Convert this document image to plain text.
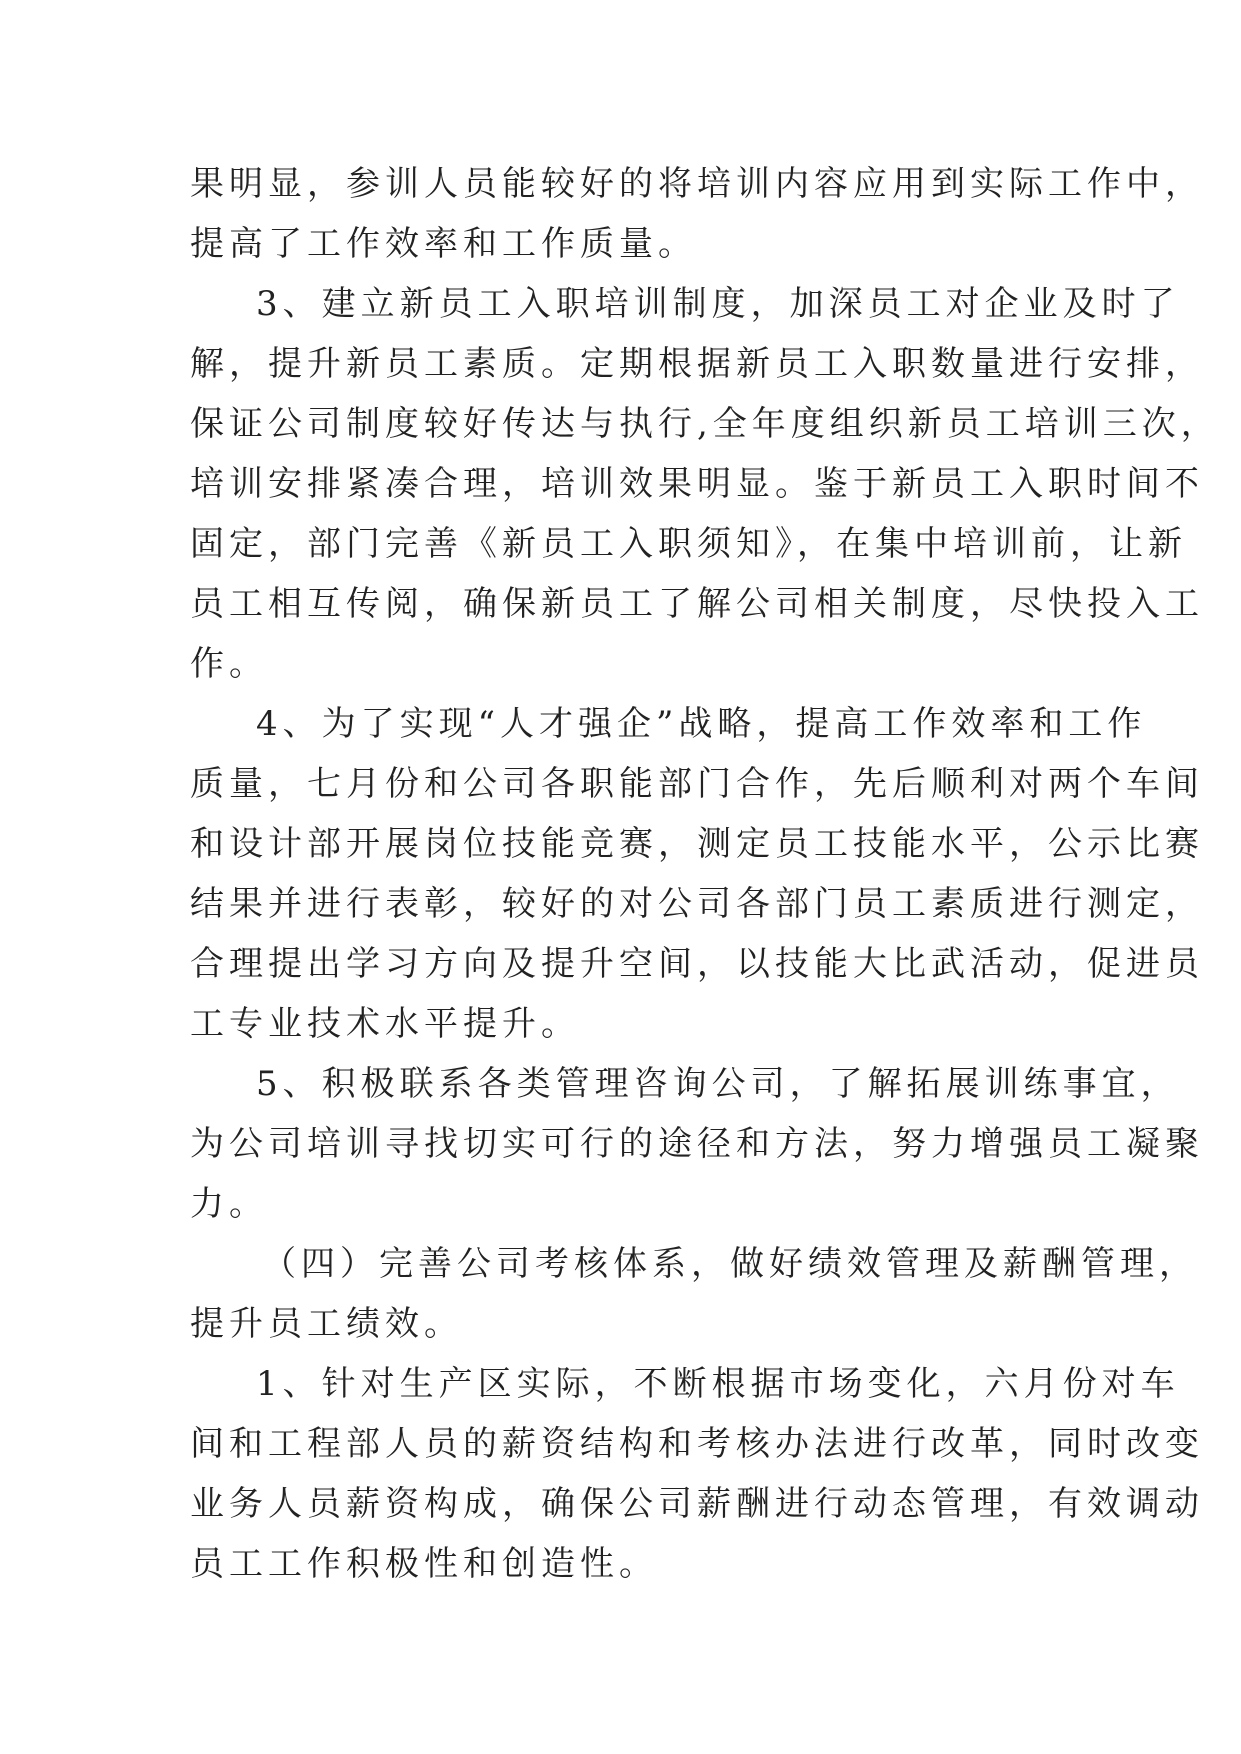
果明显，参训人员能较好的将培训内容应用到实际工作中，
提高了工作效率和工作质量。
3、建立新员工入职培训制度，加深员工对企业及时了
解，提升新员工素质。定期根据新员工入职数量进行安排，
保证公司制度较好传达与执行,全年度组织新员工培训三次，
培训安排紧凑合理，培训效果明显。鉴于新员工入职时间不
固定，部门完善《新员工入职须知》，在集中培训前，让新
员工相互传阅，确保新员工了解公司相关制度，尽快投入工
作。
4、为了实现“人才强企”战略，提高工作效率和工作
质量，七月份和公司各职能部门合作，先后顺利对两个车间
和设计部开展岗位技能竞赛，测定员工技能水平，公示比赛
结果并进行表彰，较好的对公司各部门员工素质进行测定，
合理提出学习方向及提升空间，以技能大比武活动，促进员
工专业技术水平提升。
5、积极联系各类管理咨询公司，了解拓展训练事宜，
为公司培训寻找切实可行的途径和方法，努力增强员工凝聚
力。
（四）完善公司考核体系，做好绩效管理及薪酬管理，
提升员工绩效。
1、针对生产区实际，不断根据市场变化，六月份对车
间和工程部人员的薪资结构和考核办法进行改革，同时改变
业务人员薪资构成，确保公司薪酬进行动态管理，有效调动
员工工作积极性和创造性。
